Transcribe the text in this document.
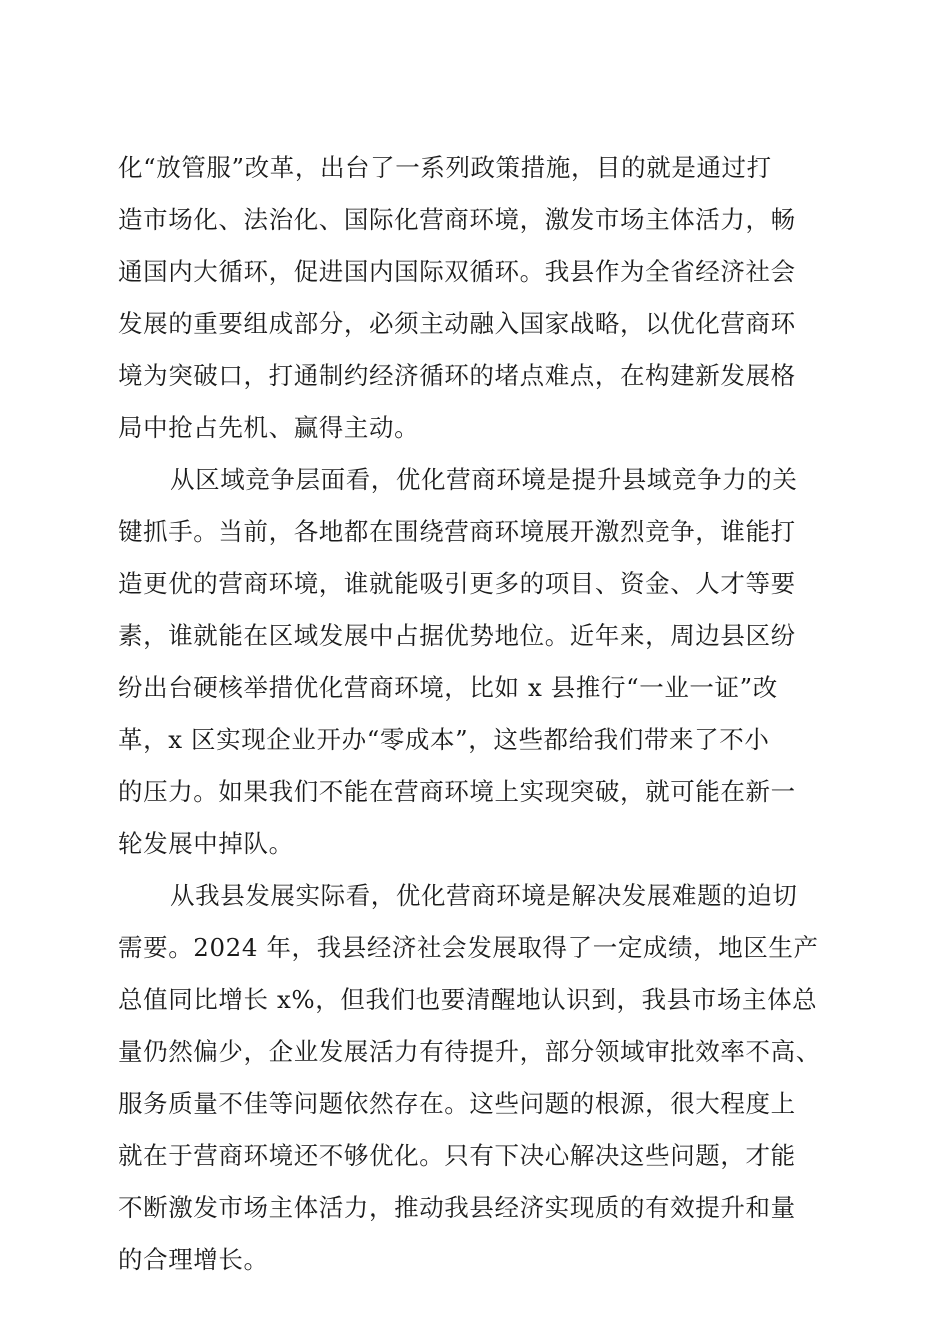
化“放管服”改革，出台了一系列政策措施，目的就是通过打
造市场化、法治化、国际化营商环境，激发市场主体活力，畅
通国内大循环，促进国内国际双循环。我县作为全省经济社会
发展的重要组成部分，必须主动融入国家战略，以优化营商环
境为突破口，打通制约经济循环的堵点难点，在构建新发展格
局中抢占先机、赢得主动。
从区域竞争层面看，优化营商环境是提升县域竞争力的关
键抓手。当前，各地都在围绕营商环境展开激烈竞争，谁能打
造更优的营商环境，谁就能吸引更多的项目、资金、人才等要
素，谁就能在区域发展中占据优势地位。近年来，周边县区纷
纷出台硬核举措优化营商环境，比如 x 县推行“一业一证”改
革，x 区实现企业开办“零成本”，这些都给我们带来了不小
的压力。如果我们不能在营商环境上实现突破，就可能在新一
轮发展中掉队。
从我县发展实际看，优化营商环境是解决发展难题的迫切
需要。2024 年，我县经济社会发展取得了一定成绩，地区生产
总值同比增长 x%，但我们也要清醒地认识到，我县市场主体总
量仍然偏少，企业发展活力有待提升，部分领域审批效率不高、
服务质量不佳等问题依然存在。这些问题的根源，很大程度上
就在于营商环境还不够优化。只有下决心解决这些问题，才能
不断激发市场主体活力，推动我县经济实现质的有效提升和量
的合理增长。
